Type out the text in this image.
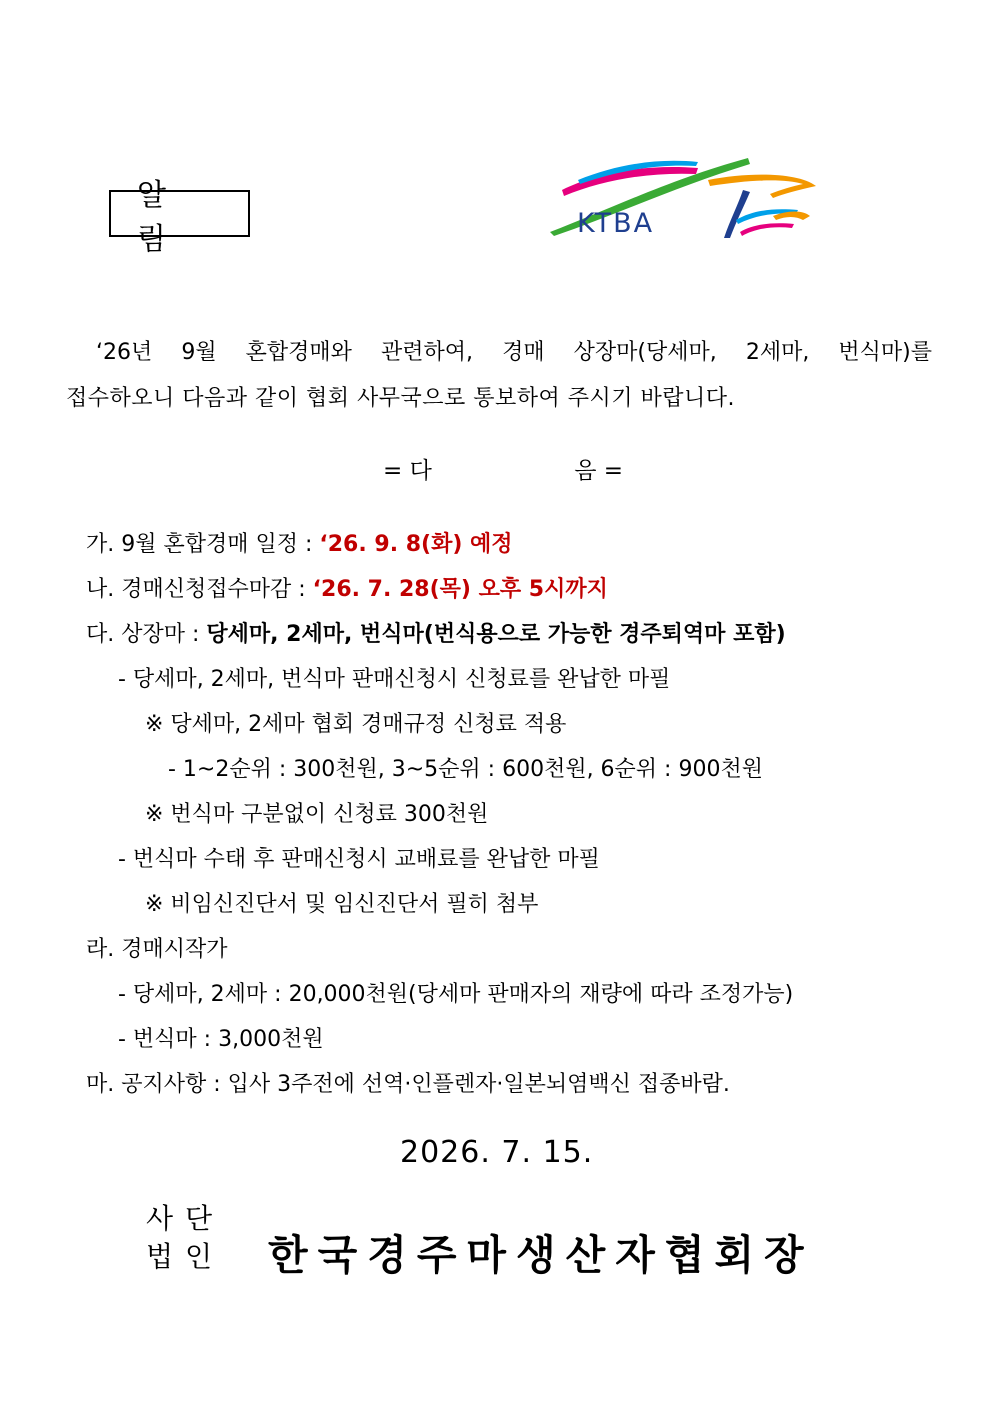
알 림	KTBA
‘26년 9월 혼합경매와 관련하여, 경매 상장마(당세마, 2세마, 번식마)를
접수하오니 다음과 같이 협회 사무국으로 통보하여 주시기 바랍니다.
= 다	음 =
가. 9월 혼합경매 일정 : ‘26. 9. 8(화) 예정
나. 경매신청접수마감 : ‘26. 7. 28(목) 오후 5시까지
다. 상장마 : 당세마, 2세마, 번식마(번식용으로 가능한 경주퇴역마 포함)
- 당세마, 2세마, 번식마 판매신청시 신청료를 완납한 마필
※ 당세마, 2세마 협회 경매규정 신청료 적용
- 1~2순위 : 300천원, 3~5순위 : 600천원, 6순위 : 900천원
※ 번식마 구분없이 신청료 300천원
- 번식마 수태 후 판매신청시 교배료를 완납한 마필
※ 비임신진단서 및 임신진단서 필히 첨부
라. 경매시작가
- 당세마, 2세마 : 20,000천원(당세마 판매자의 재량에 따라 조정가능)
- 번식마 : 3,000천원
마. 공지사항 : 입사 3주전에 선역·인플렌자·일본뇌염백신 접종바람.
2026. 7. 15.
사단
법인 한국경주마생산자협회장
